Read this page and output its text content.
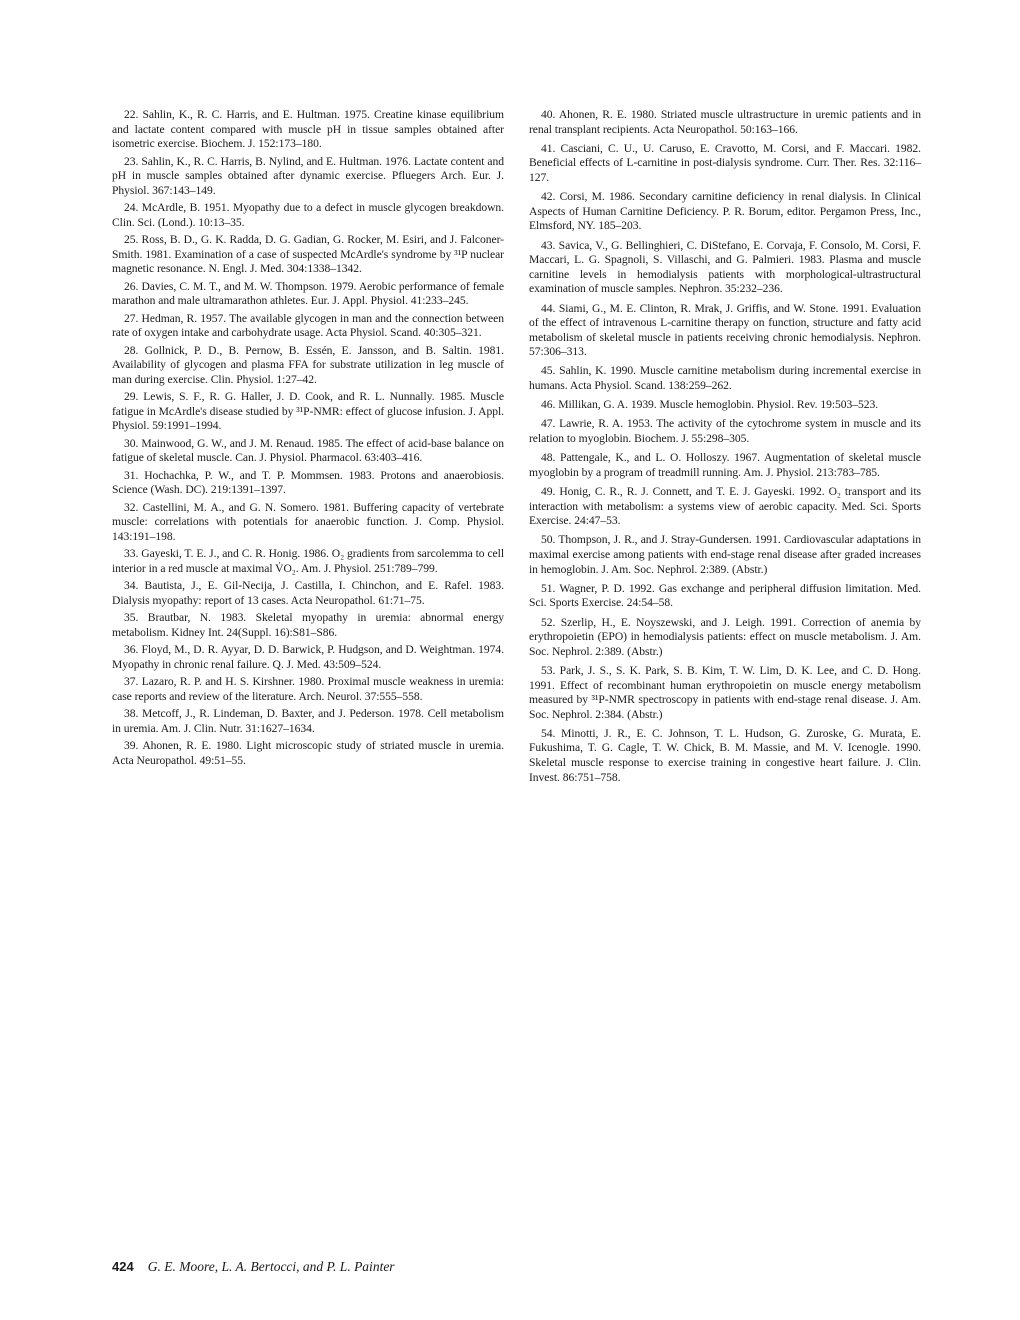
22. Sahlin, K., R. C. Harris, and E. Hultman. 1975. Creatine kinase equilibrium and lactate content compared with muscle pH in tissue samples obtained after isometric exercise. Biochem. J. 152:173–180.

23. Sahlin, K., R. C. Harris, B. Nylind, and E. Hultman. 1976. Lactate content and pH in muscle samples obtained after dynamic exercise. Pfluegers Arch. Eur. J. Physiol. 367:143–149.

24. McArdle, B. 1951. Myopathy due to a defect in muscle glycogen breakdown. Clin. Sci. (Lond.). 10:13–35.

25. Ross, B. D., G. K. Radda, D. G. Gadian, G. Rocker, M. Esiri, and J. Falconer-Smith. 1981. Examination of a case of suspected McArdle's syndrome by ³¹P nuclear magnetic resonance. N. Engl. J. Med. 304:1338–1342.

26. Davies, C. M. T., and M. W. Thompson. 1979. Aerobic performance of female marathon and male ultramarathon athletes. Eur. J. Appl. Physiol. 41:233–245.

27. Hedman, R. 1957. The available glycogen in man and the connection between rate of oxygen intake and carbohydrate usage. Acta Physiol. Scand. 40:305–321.

28. Gollnick, P. D., B. Pernow, B. Essén, E. Jansson, and B. Saltin. 1981. Availability of glycogen and plasma FFA for substrate utilization in leg muscle of man during exercise. Clin. Physiol. 1:27–42.

29. Lewis, S. F., R. G. Haller, J. D. Cook, and R. L. Nunnally. 1985. Muscle fatigue in McArdle's disease studied by ³¹P-NMR: effect of glucose infusion. J. Appl. Physiol. 59:1991–1994.

30. Mainwood, G. W., and J. M. Renaud. 1985. The effect of acid-base balance on fatigue of skeletal muscle. Can. J. Physiol. Pharmacol. 63:403–416.

31. Hochachka, P. W., and T. P. Mommsen. 1983. Protons and anaerobiosis. Science (Wash. DC). 219:1391–1397.

32. Castellini, M. A., and G. N. Somero. 1981. Buffering capacity of vertebrate muscle: correlations with potentials for anaerobic function. J. Comp. Physiol. 143:191–198.

33. Gayeski, T. E. J., and C. R. Honig. 1986. O₂ gradients from sarcolemma to cell interior in a red muscle at maximal V̇O₂. Am. J. Physiol. 251:789–799.

34. Bautista, J., E. Gil-Necija, J. Castilla, I. Chinchon, and E. Rafel. 1983. Dialysis myopathy: report of 13 cases. Acta Neuropathol. 61:71–75.

35. Brautbar, N. 1983. Skeletal myopathy in uremia: abnormal energy metabolism. Kidney Int. 24(Suppl. 16):S81–S86.

36. Floyd, M., D. R. Ayyar, D. D. Barwick, P. Hudgson, and D. Weightman. 1974. Myopathy in chronic renal failure. Q. J. Med. 43:509–524.

37. Lazaro, R. P. and H. S. Kirshner. 1980. Proximal muscle weakness in uremia: case reports and review of the literature. Arch. Neurol. 37:555–558.

38. Metcoff, J., R. Lindeman, D. Baxter, and J. Pederson. 1978. Cell metabolism in uremia. Am. J. Clin. Nutr. 31:1627–1634.

39. Ahonen, R. E. 1980. Light microscopic study of striated muscle in uremia. Acta Neuropathol. 49:51–55.

40. Ahonen, R. E. 1980. Striated muscle ultrastructure in uremic patients and in renal transplant recipients. Acta Neuropathol. 50:163–166.

41. Casciani, C. U., U. Caruso, E. Cravotto, M. Corsi, and F. Maccari. 1982. Beneficial effects of L-carnitine in post-dialysis syndrome. Curr. Ther. Res. 32:116–127.

42. Corsi, M. 1986. Secondary carnitine deficiency in renal dialysis. In Clinical Aspects of Human Carnitine Deficiency. P. R. Borum, editor. Pergamon Press, Inc., Elmsford, NY. 185–203.

43. Savica, V., G. Bellinghieri, C. DiStefano, E. Corvaja, F. Consolo, M. Corsi, F. Maccari, L. G. Spagnoli, S. Villaschi, and G. Palmieri. 1983. Plasma and muscle carnitine levels in hemodialysis patients with morphological-ultrastructural examination of muscle samples. Nephron. 35:232–236.

44. Siami, G., M. E. Clinton, R. Mrak, J. Griffis, and W. Stone. 1991. Evaluation of the effect of intravenous L-carnitine therapy on function, structure and fatty acid metabolism of skeletal muscle in patients receiving chronic hemodialysis. Nephron. 57:306–313.

45. Sahlin, K. 1990. Muscle carnitine metabolism during incremental exercise in humans. Acta Physiol. Scand. 138:259–262.

46. Millikan, G. A. 1939. Muscle hemoglobin. Physiol. Rev. 19:503–523.

47. Lawrie, R. A. 1953. The activity of the cytochrome system in muscle and its relation to myoglobin. Biochem. J. 55:298–305.

48. Pattengale, K., and L. O. Holloszy. 1967. Augmentation of skeletal muscle myoglobin by a program of treadmill running. Am. J. Physiol. 213:783–785.

49. Honig, C. R., R. J. Connett, and T. E. J. Gayeski. 1992. O₂ transport and its interaction with metabolism: a systems view of aerobic capacity. Med. Sci. Sports Exercise. 24:47–53.

50. Thompson, J. R., and J. Stray-Gundersen. 1991. Cardiovascular adaptations in maximal exercise among patients with end-stage renal disease after graded increases in hemoglobin. J. Am. Soc. Nephrol. 2:389. (Abstr.)

51. Wagner, P. D. 1992. Gas exchange and peripheral diffusion limitation. Med. Sci. Sports Exercise. 24:54–58.

52. Szerlip, H., E. Noyszewski, and J. Leigh. 1991. Correction of anemia by erythropoietin (EPO) in hemodialysis patients: effect on muscle metabolism. J. Am. Soc. Nephrol. 2:389. (Abstr.)

53. Park, J. S., S. K. Park, S. B. Kim, T. W. Lim, D. K. Lee, and C. D. Hong. 1991. Effect of recombinant human erythropoietin on muscle energy metabolism measured by ³¹P-NMR spectroscopy in patients with end-stage renal disease. J. Am. Soc. Nephrol. 2:384. (Abstr.)

54. Minotti, J. R., E. C. Johnson, T. L. Hudson, G. Zuroske, G. Murata, E. Fukushima, T. G. Cagle, T. W. Chick, B. M. Massie, and M. V. Icenogle. 1990. Skeletal muscle response to exercise training in congestive heart failure. J. Clin. Invest. 86:751–758.

424 G. E. Moore, L. A. Bertocci, and P. L. Painter
